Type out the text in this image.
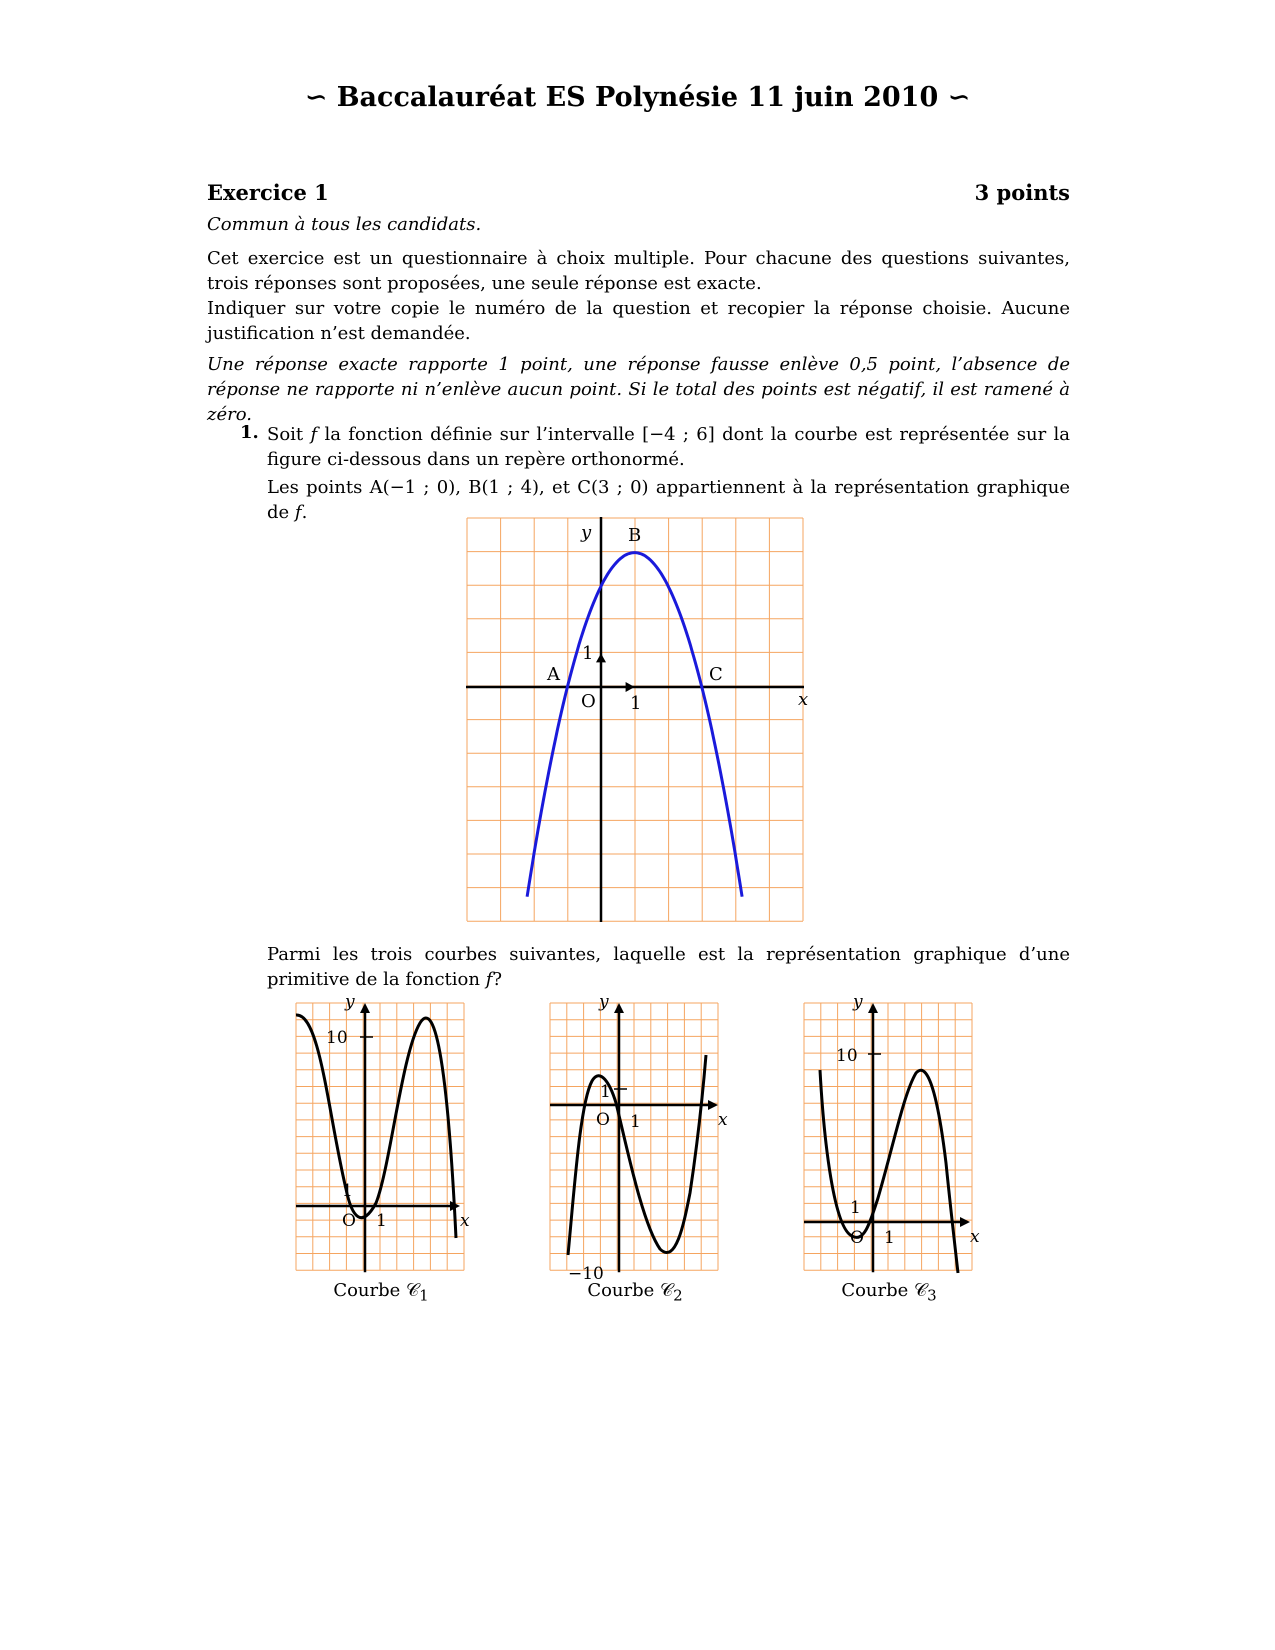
∽ Baccalauréat ES Polynésie 11 juin 2010 ∽
Exercice 1	3 points
Commun à tous les candidats.

Cet exercice est un questionnaire à choix multiple. Pour chacune des questions suivantes, trois réponses sont proposées, une seule réponse est exacte.

Indiquer sur votre copie le numéro de la question et recopier la réponse choisie. Aucune justification n’est demandée.

Une réponse exacte rapporte 1 point, une réponse fausse enlève 0,5 point, l’absence de réponse ne rapporte ni n’enlève aucun point. Si le total des points est négatif, il est ramené à zéro.
1. Soit f la fonction définie sur l’intervalle [−4 ; 6] dont la courbe est représentée sur la figure ci-dessous dans un repère orthonormé.

Les points A(−1 ; 0), B(1 ; 4), et C(3 ; 0) appartiennent à la représentation graphique de f.

y
x
O 1
1
A
B
C

Parmi les trois courbes suivantes, laquelle est la représentation graphique d’une primitive de la fonction f?

y
x
10
1
O 1
y
x
−10
1
O 1
y
x
10
1
O 1
Courbe 𝒞$_1$	Courbe 𝒞$_2$	Courbe 𝒞$_3$
